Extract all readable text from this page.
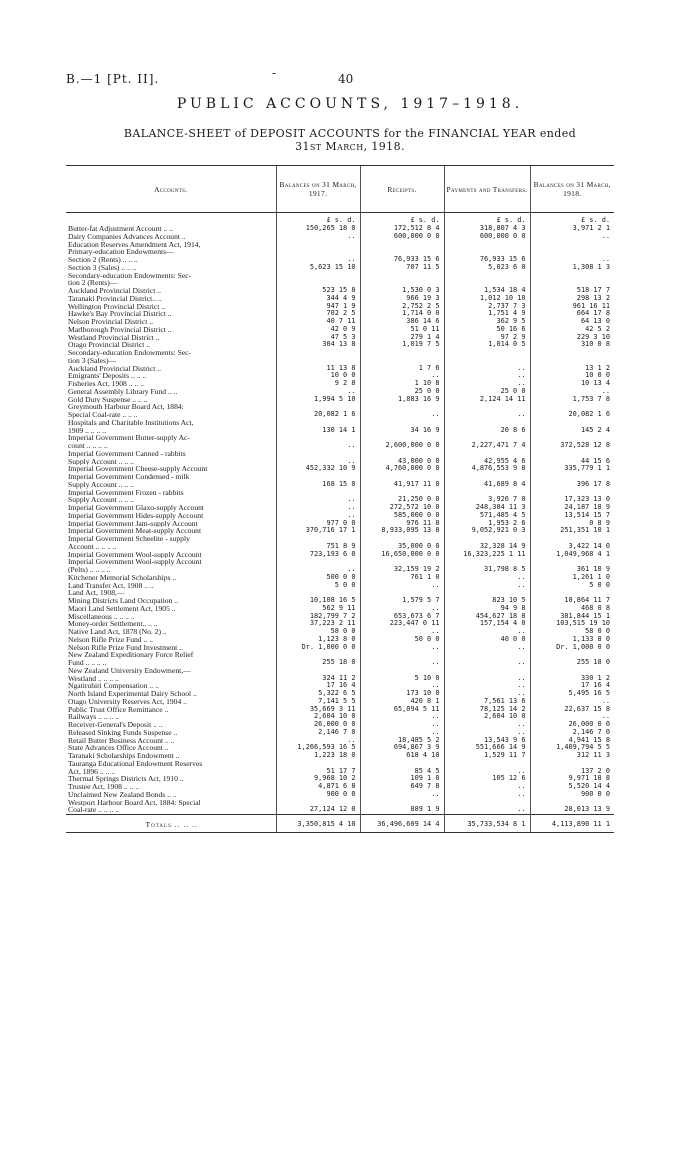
B.—1 [Pt. II].	-	40
PUBLIC ACCOUNTS, 1917–1918.
BALANCE-SHEET of DEPOSIT ACCOUNTS for the FINANCIAL YEAR ended
31st March, 1918.
Accounts.	Balances on 31 March, 1917.	Receipts.	Payments and Transfers.	Balances on 31 March, 1918.
	£ s. d.	£ s. d.	£ s. d.	£ s. d.
Butter-fat Adjustment Account .. ..	150,265 18 0	172,512 8 4	318,807 4 3	3,971 2 1
Dairy Companies Advances Account ..	..	600,000 0 0	600,000 0 0	..
Education Reserves Amendment Act, 1914,				
Primary-education Endowments—				
Section 2 (Rents) .. .. ..	..	76,933 15 6	76,933 15 6	..
Section 3 (Sales) .. .. ..	5,623 15 10	707 11 5	5,023 6 0	1,308 1 3
Secondary-education Endowments: Sec-				
tion 2 (Rents)—				
Auckland Provincial District ..	523 15 8	1,530 0 3	1,534 18 4	518 17 7
Taranaki Provincial District.. ..	344 4 9	966 19 3	1,012 10 10	298 13 2
Wellington Provincial District ..	947 1 9	2,752 2 5	2,737 7 3	961 16 11
Hawke's Bay Provincial District ..	702 2 5	1,714 0 0	1,751 4 9	664 17 8
Nelson Provincial District ..	40 7 11	386 14 6	362 9 5	64 13 0
Marlborough Provincial District ..	42 0 9	51 0 11	50 16 6	42 5 2
Westland Provincial District ..	47 5 3	279 1 4	97 2 9	229 3 10
Otago Provincial District ..	304 13 8	1,019 7 5	1,014 0 5	310 0 8
Secondary-education Endowments: Sec-				
tion 3 (Sales)—				
Auckland Provincial District ..	11 13 8	1 7 6	..	13 1 2
Emigrants' Deposits .. .. ..	10 0 0	..	..	10 0 0
Fisheries Act, 1908 .. .. ..	9 2 8	1 10 8	..	10 13 4
General Assembly Library Fund .. ..	..	25 0 0	25 0 0	..
Gold Duty Suspense .. .. ..	1,994 5 10	1,883 16 9	2,124 14 11	1,753 7 8
Greymouth Harbour Board Act, 1884:				
Special Coal-rate .. .. ..	20,082 1 6	..	..	20,082 1 6
Hospitals and Charitable Institutions Act,				
1909 .. .. .. ..	130 14 1	34 16 9	20 8 6	145 2 4
Imperial Government Butter-supply Ac-				
count .. .. .. ..	..	2,600,000 0 0	2,227,471 7 4	372,528 12 8
Imperial Government Canned - rabbits				
Supply Account .. .. ..	..	43,000 0 0	42,955 4 6	44 15 6
Imperial Government Cheese-supply Account	452,332 10 9	4,760,000 0 0	4,876,553 9 8	335,779 1 1
Imperial Government Condensed - milk				
Supply Account .. .. ..	168 15 0	41,917 11 0	41,689 8 4	396 17 8
Imperial Government Frozen - rabbits				
Supply Account .. .. ..	..	21,250 0 0	3,926 7 0	17,323 13 0
Imperial Government Glaxo-supply Account	..	272,572 10 0	248,384 11 3	24,187 18 9
Imperial Government Hides-supply Account	..	585,000 0 0	571,485 4 5	13,514 15 7
Imperial Government Jam-supply Account	977 0 0	976 11 8	1,953 2 6	0 8 9
Imperial Government Meat-supply Account	370,716 17 1	8,933,095 13 8	9,052,921 0 3	251,351 10 1
Imperial Government Scheelite - supply				
Account .. .. .. ..	751 8 9	35,000 0 0	32,328 14 9	3,422 14 0
Imperial Government Wool-supply Account	723,193 6 0	16,650,000 0 0	16,323,225 1 11	1,049,968 4 1
Imperial Government Wool-supply Account				
(Pelts) .. .. .. ..	..	32,159 19 2	31,798 8 5	361 10 9
Kitchener Memorial Scholarships ..	500 0 0	761 1 0	..	1,261 1 0
Land Transfer Act, 1908 .. ..	5 0 0	..	..	5 0 0
Land Act, 1908,—				
Mining Districts Land Occupation ..	10,108 16 5	1,579 5 7	823 10 5	10,864 11 7
Maori Land Settlement Act, 1905 ..	562 9 11	..	94 9 8	468 0 8
Miscellaneous .. .. .. ..	182,799 7 2	653,673 6 7	454,627 18 8	381,844 15 1
Money-order Settlement.. .. ..	37,223 2 11	223,447 0 11	157,154 4 0	103,515 19 10
Native Land Act, 1878 (No. 2) ..	58 0 0	..	..	58 0 0
Nelson Rifle Prize Fund .. ..	1,123 8 0	50 0 0	40 0 0	1,133 8 0
Nelson Rifle Prize Fund Investment ..	Dr. 1,000 0 0	..	..	Dr. 1,000 0 0
New Zealand Expeditionary Force Relief				
Fund .. .. .. ..	255 18 0	..	..	255 18 0
New Zealand University Endowment,—				
Westland .. .. .. ..	324 11 2	5 10 0	..	330 1 2
Ngatiruhiri Compensation .. ..	17 16 4	..	..	17 16 4
North Island Experimental Dairy School ..	5,322 6 5	173 10 0	..	5,495 16 5
Otago University Reserves Act, 1904 ..	7,141 5 5	420 8 1	7,561 13 6	..
Public Trust Office Remittance ..	35,669 3 11	65,094 5 11	78,125 14 2	22,637 15 8
Railways .. .. .. ..	2,604 10 0	..	2,604 10 0	..
Receiver-General's Deposit .. ..	26,000 0 0	..	..	26,000 0 0
Released Sinking Funds Suspense ..	2,146 7 0	..	..	2,146 7 0
Retail Butter Business Account .. ..	..	18,485 5 2	13,543 9 6	4,941 15 8
State Advances Office Account ..	1,266,593 16 5	694,867 3 9	551,666 14 9	1,409,794 5 5
Taranaki Scholarships Endowment ..	1,223 18 0	618 4 10	1,529 11 7	312 11 3
Tauranga Educational Endowment Reserves				
Act, 1896 .. .. ..	51 17 7	85 4 5	..	137 2 0
Thermal Springs Districts Act, 1910 ..	9,968 10 2	109 1 0	105 12 6	9,971 18 8
Trustee Act, 1908 .. .. ..	4,871 6 8	649 7 8	..	5,520 14 4
Unclaimed New Zealand Bonds .. ..	900 0 0	..	..	900 0 0
Westport Harbour Board Act, 1884: Special				
Coal-rate .. .. .. ..	27,124 12 0	889 1 9	..	28,013 13 9
Totals .. .. ..	3,350,815 4 10	36,496,609 14 4	35,733,534 8 1	4,113,890 11 1
